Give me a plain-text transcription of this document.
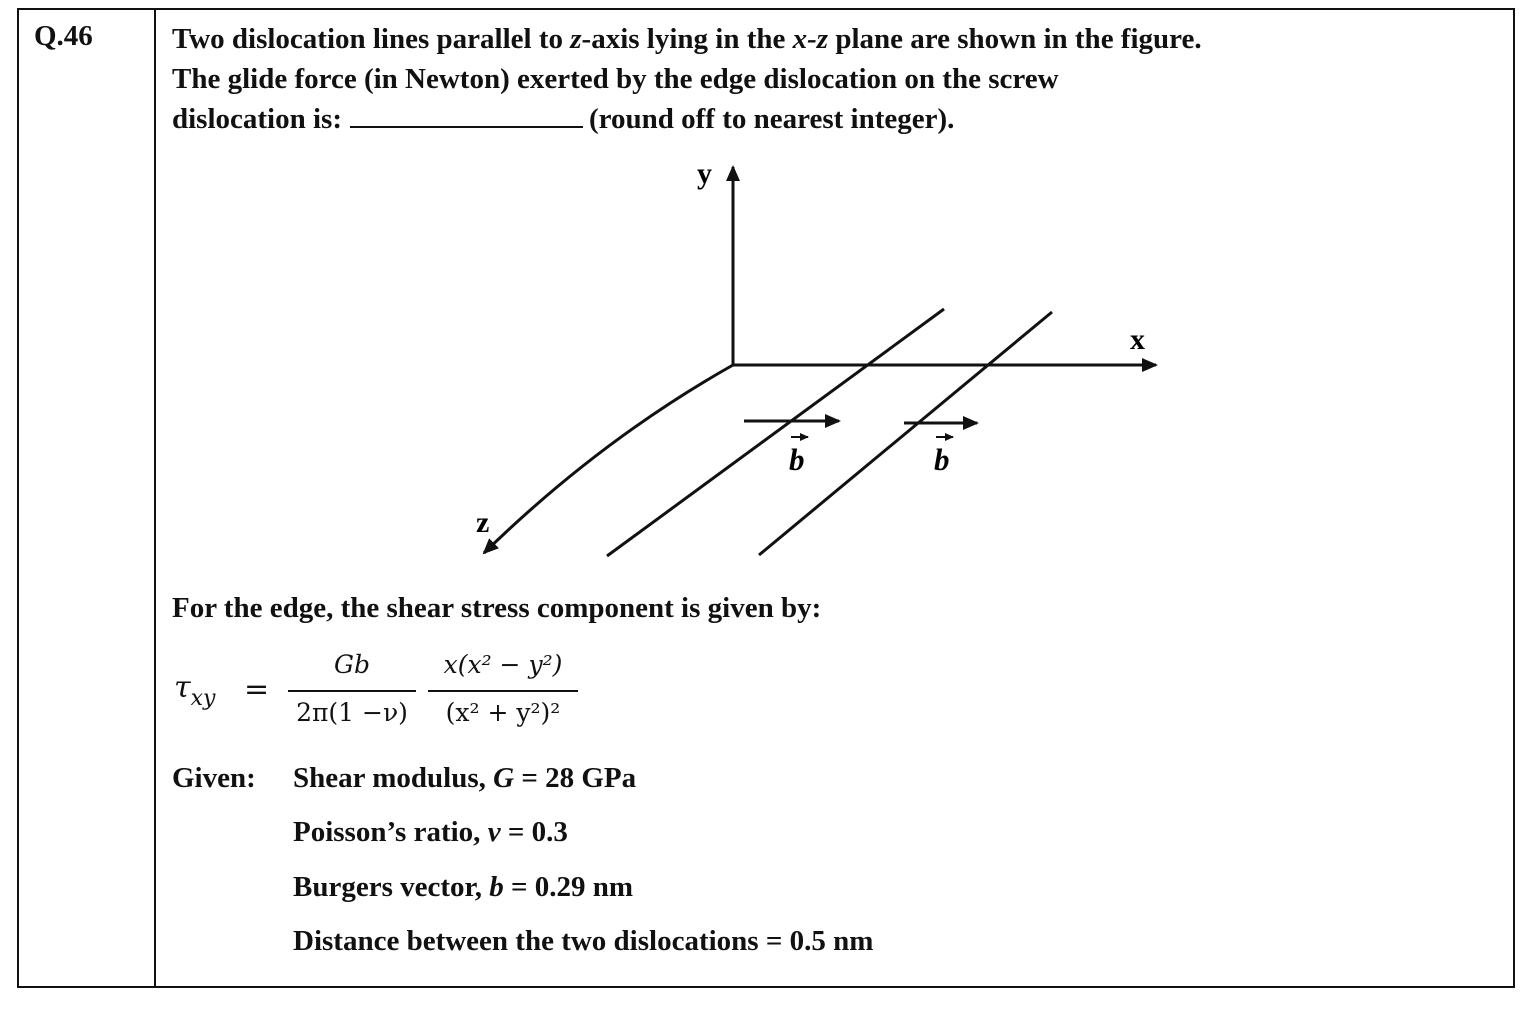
Q.46	Two dislocation lines parallel to z-axis lying in the x-z plane are shown in the figure.
The glide force (in Newton) exerted by the edge dislocation on the screw
dislocation is:	(round off to nearest integer).
y
x
z
b	b
For the edge, the shear stress component is given by:
$\tau_{xy}$ =
Gb
2π(1 −ν)
x(x² − y²)
(x² + y²)²
Given: Shear modulus, G = 28 GPa
Poisson’s ratio, ν = 0.3
Burgers vector, b = 0.29 nm
Distance between the two dislocations = 0.5 nm
